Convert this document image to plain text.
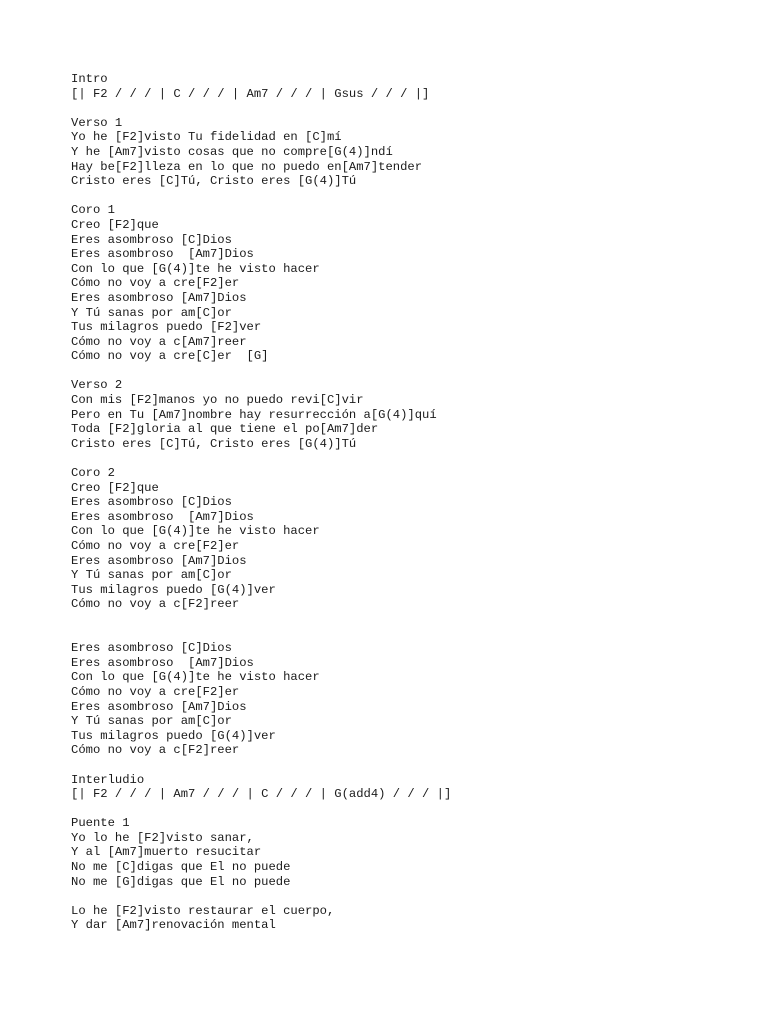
Intro
[| F2 / / / | C / / / | Am7 / / / | Gsus / / / |]
Verso 1
Yo he [F2]visto Tu fidelidad en [C]mí
Y he [Am7]visto cosas que no compre[G(4)]ndí
Hay be[F2]lleza en lo que no puedo en[Am7]tender
Cristo eres [C]Tú, Cristo eres [G(4)]Tú
Coro 1
Creo [F2]que
Eres asombroso [C]Dios
Eres asombroso  [Am7]Dios
Con lo que [G(4)]te he visto hacer
Cómo no voy a cre[F2]er
Eres asombroso [Am7]Dios
Y Tú sanas por am[C]or
Tus milagros puedo [F2]ver
Cómo no voy a c[Am7]reer
Cómo no voy a cre[C]er  [G]
Verso 2
Con mis [F2]manos yo no puedo revi[C]vir
Pero en Tu [Am7]nombre hay resurrección a[G(4)]quí
Toda [F2]gloria al que tiene el po[Am7]der
Cristo eres [C]Tú, Cristo eres [G(4)]Tú
Coro 2
Creo [F2]que
Eres asombroso [C]Dios
Eres asombroso  [Am7]Dios
Con lo que [G(4)]te he visto hacer
Cómo no voy a cre[F2]er
Eres asombroso [Am7]Dios
Y Tú sanas por am[C]or
Tus milagros puedo [G(4)]ver
Cómo no voy a c[F2]reer
Eres asombroso [C]Dios
Eres asombroso  [Am7]Dios
Con lo que [G(4)]te he visto hacer
Cómo no voy a cre[F2]er
Eres asombroso [Am7]Dios
Y Tú sanas por am[C]or
Tus milagros puedo [G(4)]ver
Cómo no voy a c[F2]reer
Interludio
[| F2 / / / | Am7 / / / | C / / / | G(add4) / / / |]
Puente 1
Yo lo he [F2]visto sanar,
Y al [Am7]muerto resucitar
No me [C]digas que El no puede
No me [G]digas que El no puede
Lo he [F2]visto restaurar el cuerpo,
Y dar [Am7]renovación mental
